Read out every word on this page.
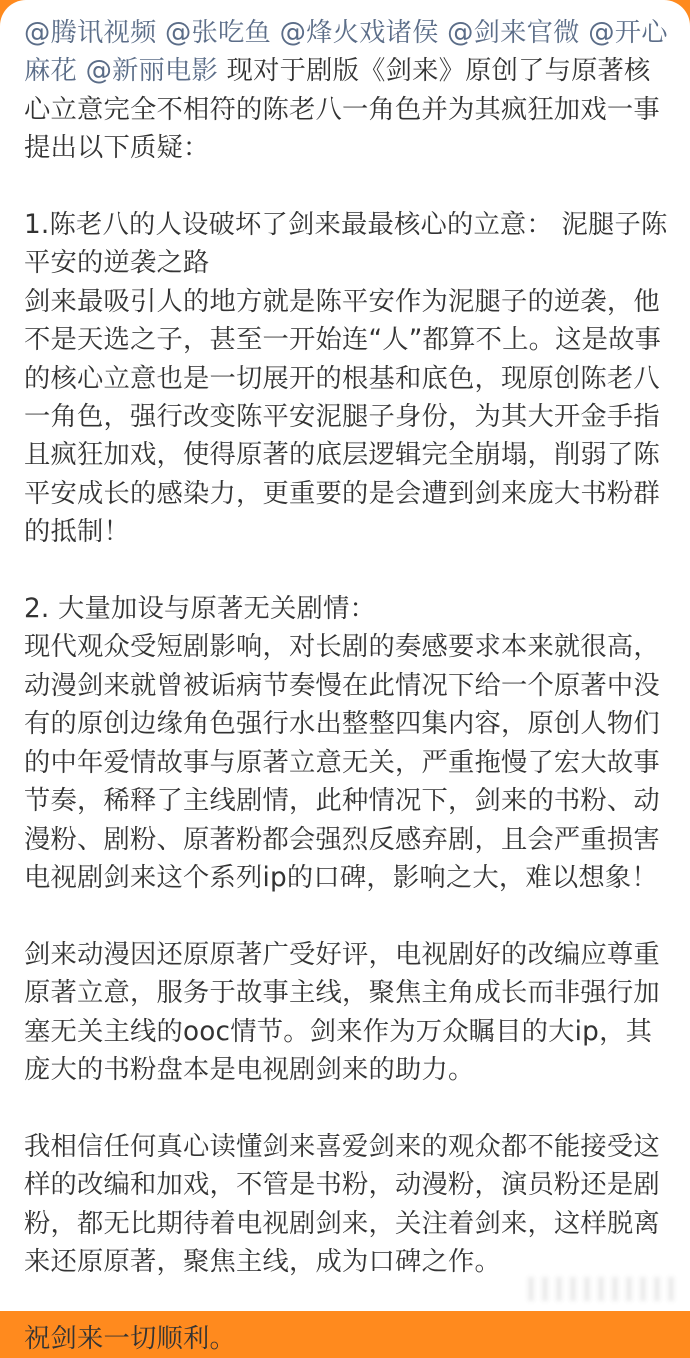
@腾讯视频 @张吃鱼 @烽火戏诸侯 @剑来官微 @开心麻花 @新丽电影 现对于剧版《剑来》原创了与原著核心立意完全不相符的陈老八一角色并为其疯狂加戏一事提出以下质疑：

1.陈老八的人设破坏了剑来最最核心的立意： 泥腿子陈平安的逆袭之路
剑来最吸引人的地方就是陈平安作为泥腿子的逆袭，他不是天选之子，甚至一开始连“人”都算不上。这是故事的核心立意也是一切展开的根基和底色，现原创陈老八一角色，强行改变陈平安泥腿子身份，为其大开金手指且疯狂加戏，使得原著的底层逻辑完全崩塌，削弱了陈平安成长的感染力，更重要的是会遭到剑来庞大书粉群的抵制！

2. 大量加设与原著无关剧情：
现代观众受短剧影响，对长剧的奏感要求本来就很高，动漫剑来就曾被诟病节奏慢在此情况下给一个原著中没有的原创边缘角色强行水出整整四集内容，原创人物们的中年爱情故事与原著立意无关，严重拖慢了宏大故事节奏，稀释了主线剧情，此种情况下，剑来的书粉、动漫粉、剧粉、原著粉都会强烈反感弃剧，且会严重损害电视剧剑来这个系列ip的口碑，影响之大，难以想象！

剑来动漫因还原原著广受好评，电视剧好的改编应尊重原著立意，服务于故事主线，聚焦主角成长而非强行加塞无关主线的ooc情节。剑来作为万众瞩目的大ip，其庞大的书粉盘本是电视剧剑来的助力。

我相信任何真心读懂剑来喜爱剑来的观众都不能接受这样的改编和加戏，不管是书粉，动漫粉，演员粉还是剧粉，都无比期待着电视剧剑来，关注着剑来，这样脱离来还原原著，聚焦主线，成为口碑之作。

祝剑来一切顺利。
